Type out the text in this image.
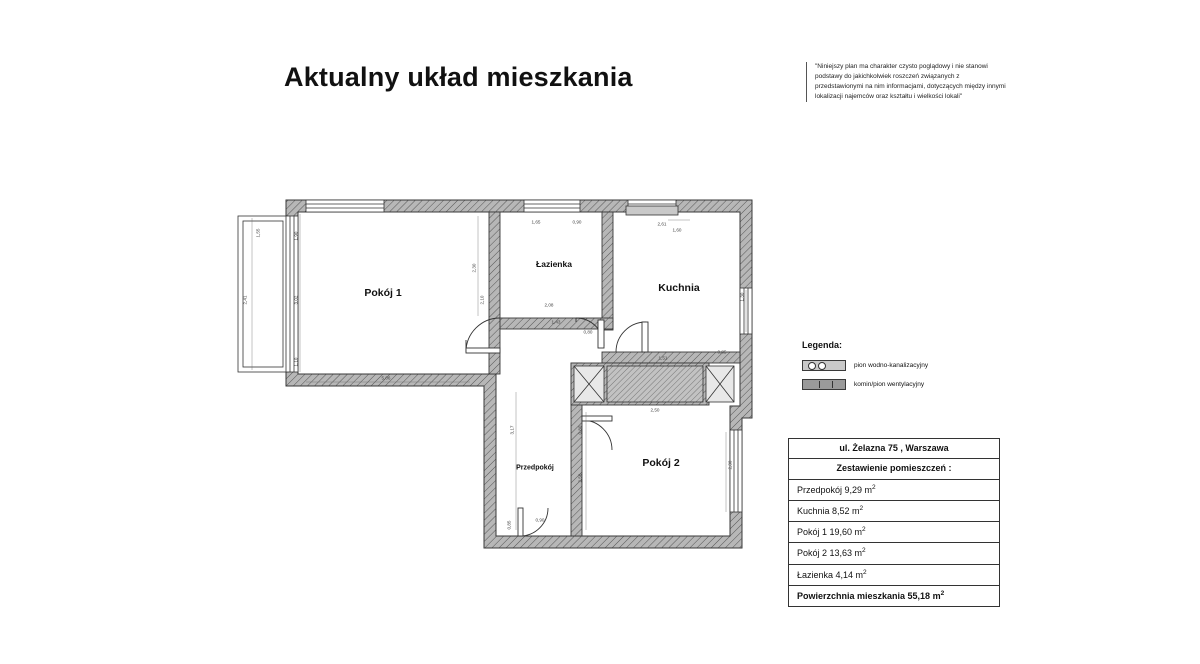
Aktualny układ mieszkania	"Niniejszy plan ma charakter czysto poglądowy i nie stanowi podstawy do jakichkolwiek roszczeń związanych z przedstawionymi na nim informacjami, dotyczących między innymi lokalizacji najemców oraz kształtu i wielkości lokali"
Pokój 1
Łazienka
Kuchnia
Pokój 2
Przedpokój
1,55
2,41
1,90
3,02
1,10
5,06
1,65	0,90
2,30
2,10
2,08
1,43
0,80
1,60
2,61
1,30
0,85
1,51
2,50
0,80
3,17
2,56
2,30
0,90
0,85
Legenda:
pion wodno-kanalizacyjny
komin/pion wentylacyjny
ul. Żelazna 75 , Warszawa
Zestawienie pomieszczeń :
Przedpokój 9,29 $m^2$
Kuchnia 8,52 $m^2$
Pokój 1 19,60 $m^2$
Pokój 2 13,63 $m^2$
Łazienka 4,14 $m^2$
Powierzchnia mieszkania 55,18 $m^2$
